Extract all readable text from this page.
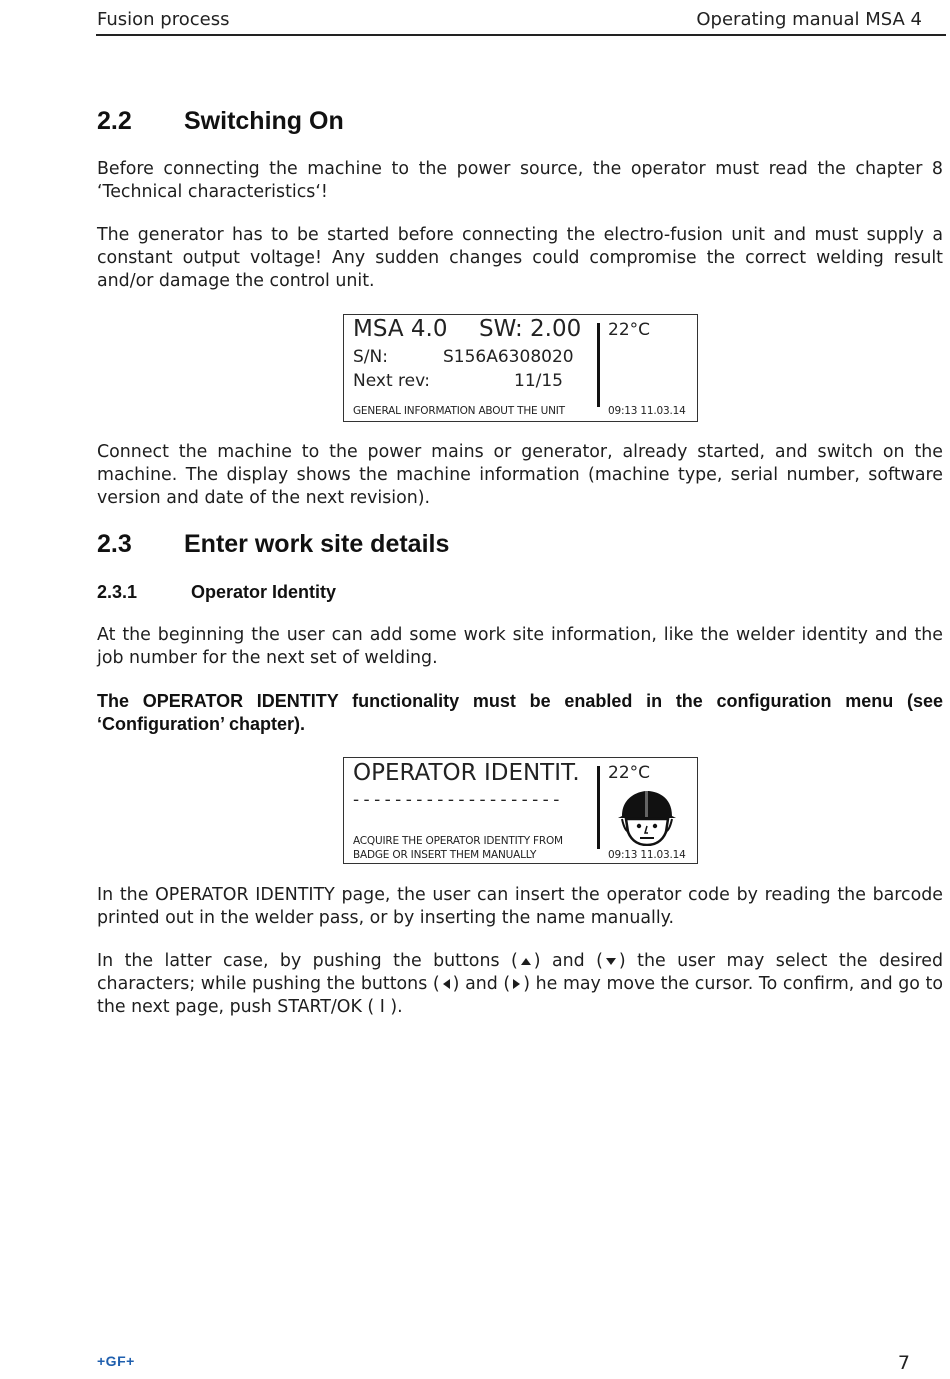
Fusion process	Operating manual MSA 4
2.2 Switching On
Before connecting the machine to the power source, the operator must read the chapter 8 ‘Technical characteristics‘!
The generator has to be started before connecting the electro-fusion unit and must supply a constant output voltage! Any sudden changes could compromise the correct welding result and/or damage the control unit.
MSA 4.0 SW: 2.00 22°C
S/N:	S156A6308020
Next rev:	11/15
GENERAL INFORMATION ABOUT THE UNIT	09:13 11.03.14
Connect the machine to the power mains or generator, already started, and switch on the machine. The display shows the machine information (machine type, serial number, software version and date of the next revision).
2.3 Enter work site details
2.3.1	Operator Identity
At the beginning the user can add some work site information, like the welder identity and the job number for the next set of welding.
The OPERATOR IDENTITY functionality must be enabled in the configuration menu (see ‘Configuration’ chapter).
OPERATOR IDENTIT.
- - - - - - - - - - - - - - - - - - - -
22°C
ACQUIRE THE OPERATOR IDENTITY FROM
BADGE OR INSERT THEM MANUALLY	09:13 11.03.14
In the OPERATOR IDENTITY page, the user can insert the operator code by reading the barcode printed out in the welder pass, or by inserting the name manually.
In the latter case, by pushing the buttons ( ) and ( ) the user may select the desired characters; while pushing the buttons ( ) and ( ) he may move the cursor. To confirm, and go to the next page, push START/OK ( I ).
+GF+	7
